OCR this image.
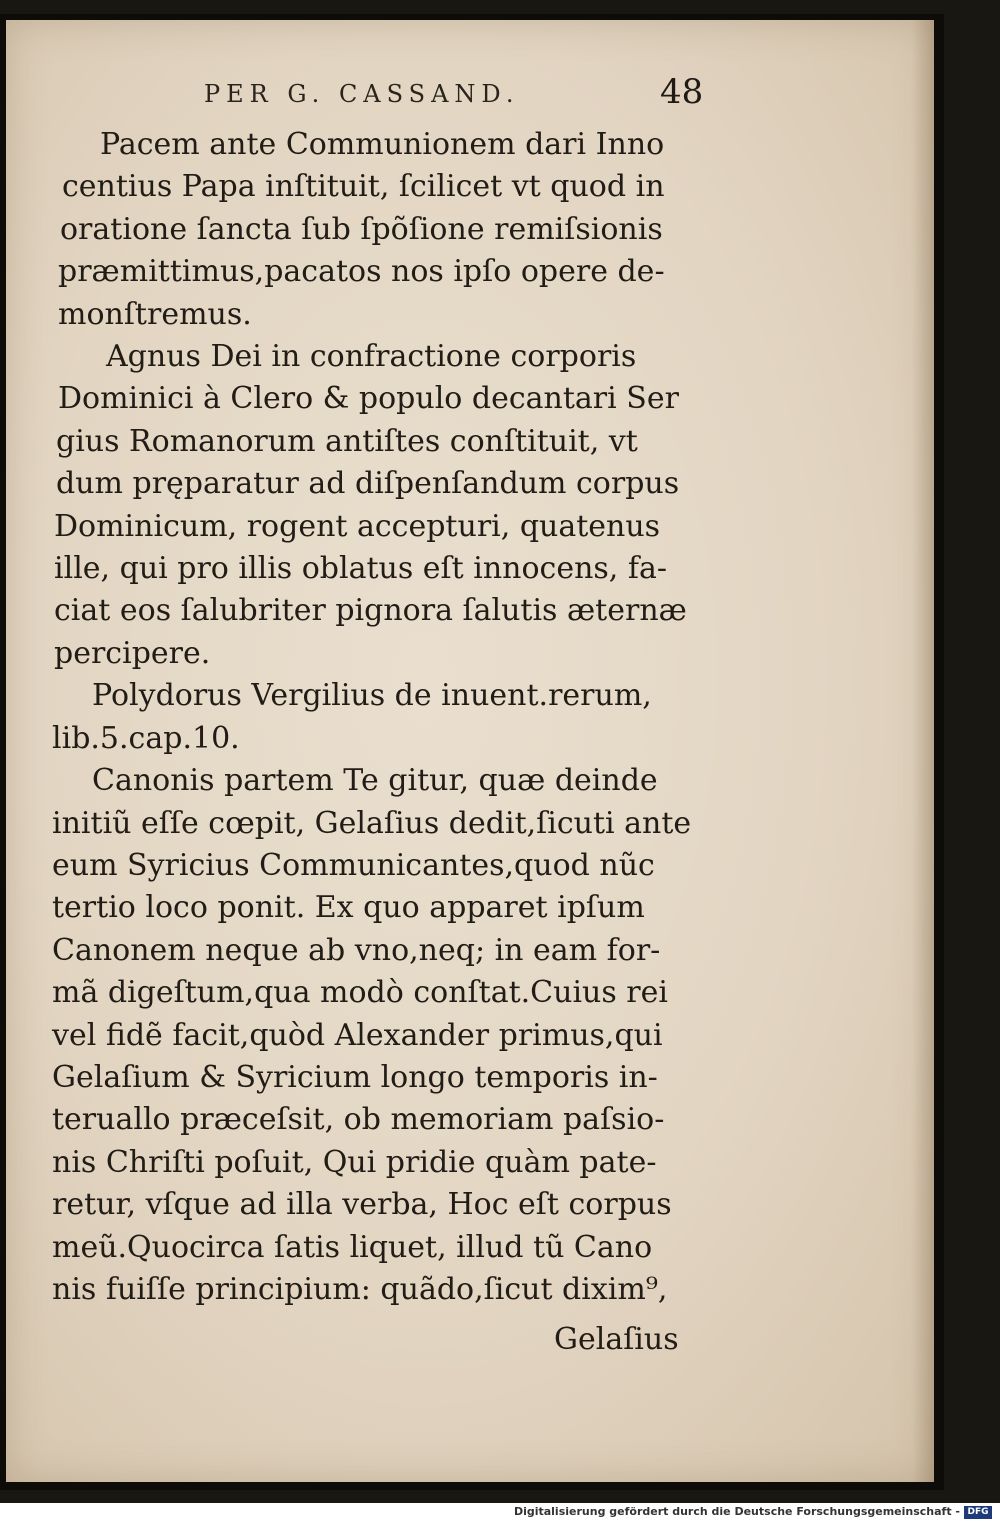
PER G. CASSAND.	48
Pacem ante Communionem dari Inno
centius Papa inſtituit, ſcilicet vt quod in
oratione ſancta ſub ſpõſione remiſsionis
præmittimus,pacatos nos ipſo opere de-
monſtremus.
Agnus Dei in confractione corporis
Dominici à Clero & populo decantari Ser
gius Romanorum antiſtes conſtituit, vt
dum pręparatur ad diſpenſandum corpus
Dominicum, rogent accepturi, quatenus
ille, qui pro illis oblatus eſt innocens, fa-
ciat eos ſalubriter pignora ſalutis æternæ
percipere.
Polydorus Vergilius de inuent.rerum,
lib.5.cap.10.
Canonis partem Te gitur, quæ deinde
initiũ eſſe cœpit, Gelaſius dedit,ſicuti ante
eum Syricius Communicantes,quod nũc
tertio loco ponit. Ex quo apparet ipſum
Canonem neque ab vno,neq; in eam for-
mã digeſtum,qua modò conſtat.Cuius rei
vel fidẽ facit,quòd Alexander primus,qui
Gelaſium & Syricium longo temporis in-
teruallo præceſsit, ob memoriam paſsio-
nis Chriſti poſuit, Qui pridie quàm pate-
retur, vſque ad illa verba, Hoc eſt corpus
meũ.Quocirca ſatis liquet, illud tũ Cano
nis fuiſſe principium: quãdo,ſicut dixim⁹,
Gelaſius
Digitalisierung gefördert durch die Deutsche Forschungsgemeinschaft - DFG
